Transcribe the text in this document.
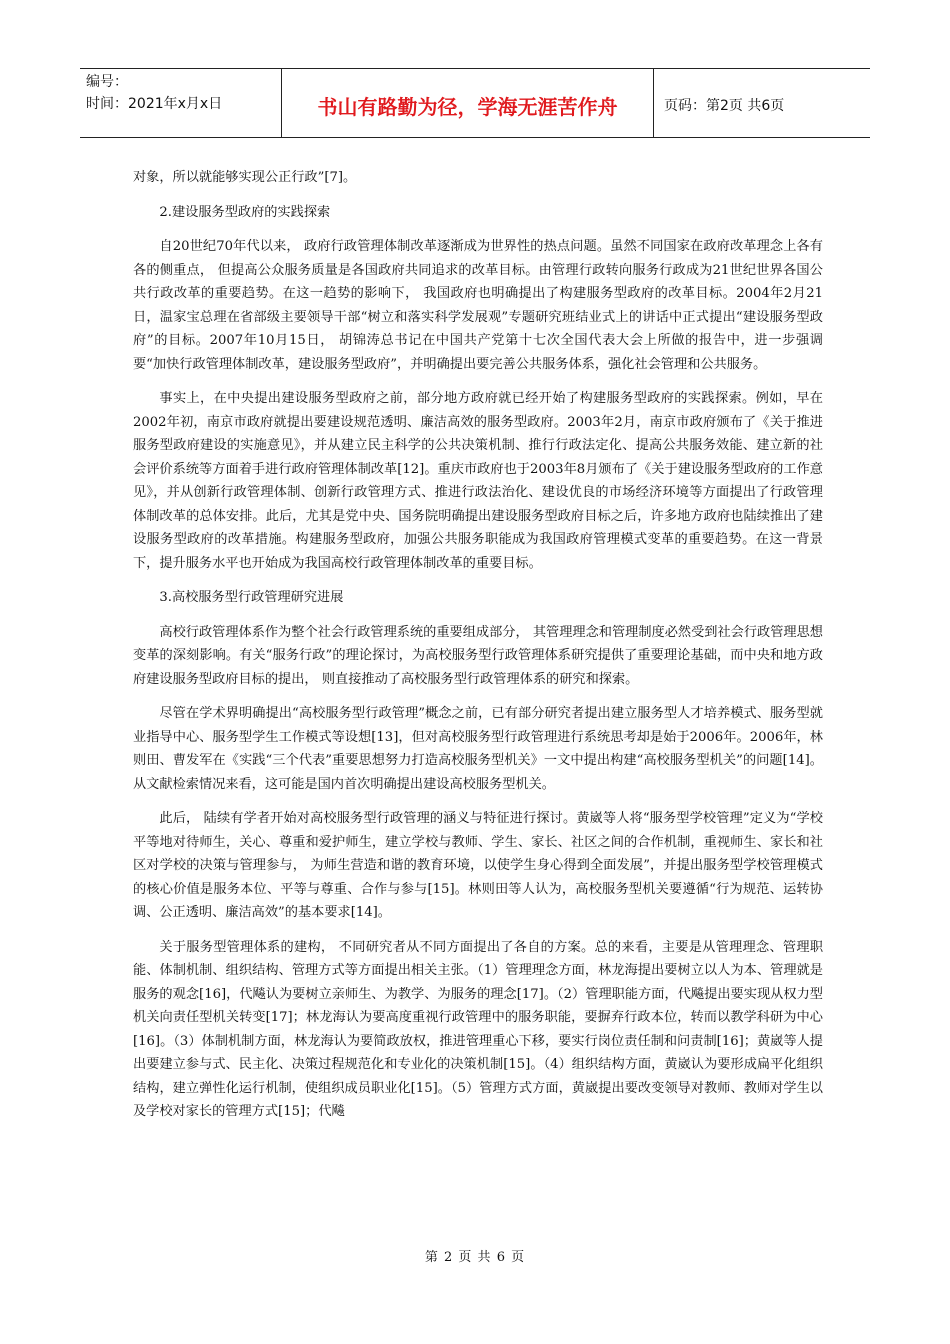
编号：
时间：2021年x月x日	书山有路勤为径，学海无涯苦作舟	页码：第2页 共6页

对象，所以就能够实现公正行政”[7]。

2.建设服务型政府的实践探索

自20世纪70年代以来， 政府行政管理体制改革逐渐成为世界性的热点问题。虽然不同国家在政府改革理念上各有各的侧重点， 但提高公众服务质量是各国政府共同追求的改革目标。由管理行政转向服务行政成为21世纪世界各国公共行政改革的重要趋势。在这一趋势的影响下， 我国政府也明确提出了构建服务型政府的改革目标。2004年2月21日，温家宝总理在省部级主要领导干部“树立和落实科学发展观”专题研究班结业式上的讲话中正式提出“建设服务型政府”的目标。2007年10月15日， 胡锦涛总书记在中国共产党第十七次全国代表大会上所做的报告中，进一步强调要“加快行政管理体制改革，建设服务型政府”，并明确提出要完善公共服务体系，强化社会管理和公共服务。

事实上，在中央提出建设服务型政府之前，部分地方政府就已经开始了构建服务型政府的实践探索。例如，早在2002年初，南京市政府就提出要建设规范透明、廉洁高效的服务型政府。2003年2月，南京市政府颁布了《关于推进服务型政府建设的实施意见》，并从建立民主科学的公共决策机制、推行行政法定化、提高公共服务效能、建立新的社会评价系统等方面着手进行政府管理体制改革[12]。重庆市政府也于2003年8月颁布了《关于建设服务型政府的工作意见》，并从创新行政管理体制、创新行政管理方式、推进行政法治化、建设优良的市场经济环境等方面提出了行政管理体制改革的总体安排。此后，尤其是党中央、国务院明确提出建设服务型政府目标之后，许多地方政府也陆续推出了建设服务型政府的改革措施。构建服务型政府，加强公共服务职能成为我国政府管理模式变革的重要趋势。在这一背景下，提升服务水平也开始成为我国高校行政管理体制改革的重要目标。

3.高校服务型行政管理研究进展

高校行政管理体系作为整个社会行政管理系统的重要组成部分， 其管理理念和管理制度必然受到社会行政管理思想变革的深刻影响。有关“服务行政”的理论探讨，为高校服务型行政管理体系研究提供了重要理论基础，而中央和地方政府建设服务型政府目标的提出， 则直接推动了高校服务型行政管理体系的研究和探索。

尽管在学术界明确提出“高校服务型行政管理”概念之前，已有部分研究者提出建立服务型人才培养模式、服务型就业指导中心、服务型学生工作模式等设想[13]，但对高校服务型行政管理进行系统思考却是始于2006年。2006年，林则田、曹发军在《实践“三个代表”重要思想努力打造高校服务型机关》一文中提出构建“高校服务型机关”的问题[14]。从文献检索情况来看，这可能是国内首次明确提出建设高校服务型机关。

此后， 陆续有学者开始对高校服务型行政管理的涵义与特征进行探讨。黄崴等人将“服务型学校管理”定义为“学校平等地对待师生，关心、尊重和爱护师生，建立学校与教师、学生、家长、社区之间的合作机制，重视师生、家长和社区对学校的决策与管理参与， 为师生营造和谐的教育环境，以使学生身心得到全面发展”，并提出服务型学校管理模式的核心价值是服务本位、平等与尊重、合作与参与[15]。林则田等人认为，高校服务型机关要遵循“行为规范、运转协调、公正透明、廉洁高效”的基本要求[14]。

关于服务型管理体系的建构， 不同研究者从不同方面提出了各自的方案。总的来看，主要是从管理理念、管理职能、体制机制、组织结构、管理方式等方面提出相关主张。（1）管理理念方面，林龙海提出要树立以人为本、管理就是服务的观念[16]，代飚认为要树立亲师生、为教学、为服务的理念[17]。（2）管理职能方面，代飚提出要实现从权力型机关向责任型机关转变[17]；林龙海认为要高度重视行政管理中的服务职能，要摒弃行政本位，转而以教学科研为中心[16]。（3）体制机制方面，林龙海认为要简政放权，推进管理重心下移，要实行岗位责任制和问责制[16]；黄崴等人提出要建立参与式、民主化、决策过程规范化和专业化的决策机制[15]。（4）组织结构方面，黄崴认为要形成扁平化组织结构，建立弹性化运行机制，使组织成员职业化[15]。（5）管理方式方面，黄崴提出要改变领导对教师、教师对学生以及学校对家长的管理方式[15]；代飚

第 2 页 共 6 页
